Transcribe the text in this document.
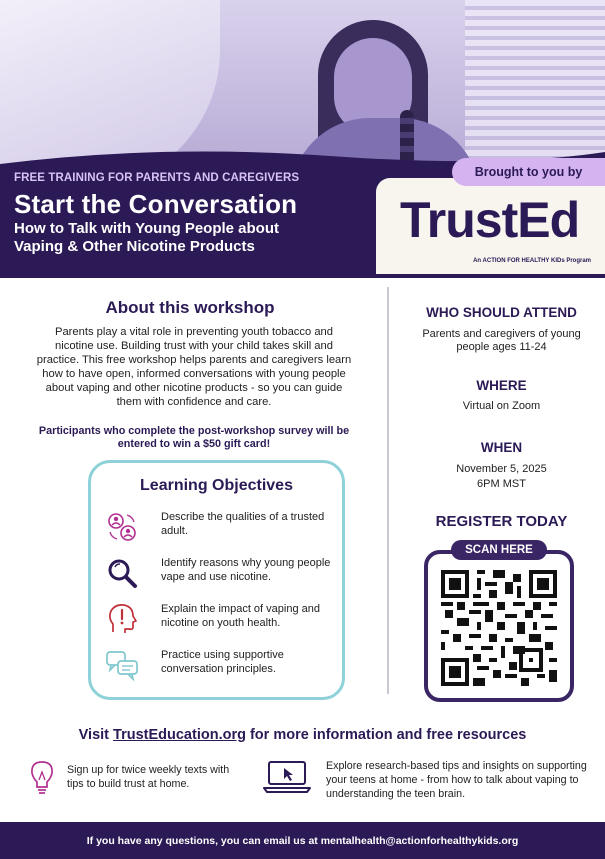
FREE TRAINING FOR PARENTS AND CAREGIVERS
Start the Conversation
How to Talk with Young People about
Vaping & Other Nicotine Products	TrustEd
An ACTION FOR HEALTHY KIDs Program
Brought to you by
About this workshop
Parents play a vital role in preventing youth tobacco and nicotine use. Building trust with your child takes skill and practice. This free workshop helps parents and caregivers learn how to have open, informed conversations with young people about vaping and other nicotine products - so you can guide them with confidence and care.
Participants who complete the post-workshop survey will be entered to win a $50 gift card!
Learning Objectives
Describe the qualities of a trusted adult.
Identify reasons why young people vape and use nicotine.
Explain the impact of vaping and nicotine on youth health.
Practice using supportive conversation principles.
WHO SHOULD ATTEND
Parents and caregivers of young people ages 11-24
WHERE
Virtual on Zoom
WHEN
November 5, 2025
6PM MST
REGISTER TODAY
SCAN HERE
Visit TrustEducation.org for more information and free resources
Sign up for twice weekly texts with tips to build trust at home.
Explore research-based tips and insights on supporting your teens at home - from how to talk about vaping to understanding the teen brain.
If you have any questions, you can email us at mentalhealth@actionforhealthykids.org
